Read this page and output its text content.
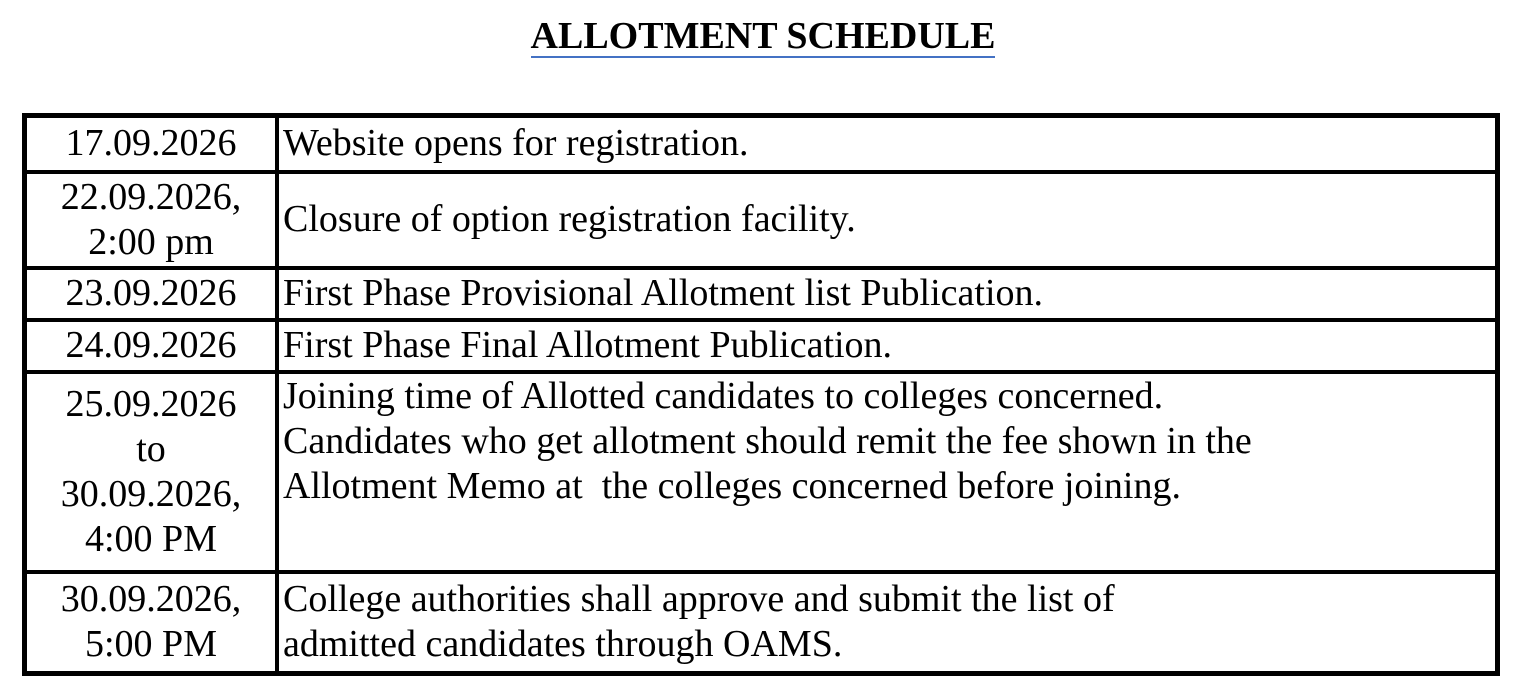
ALLOTMENT SCHEDULE
17.09.2026	Website opens for registration.

22.09.2026,
2:00 pm	Closure of option registration facility.

23.09.2026	First Phase Provisional Allotment list Publication.

24.09.2026	First Phase Final Allotment Publication.

25.09.2026
to
30.09.2026,
4:00 PM	Joining time of Allotted candidates to colleges concerned.
Candidates who get allotment should remit the fee shown in the
Allotment Memo at  the colleges concerned before joining.

30.09.2026,
5:00 PM	College authorities shall approve and submit the list of
admitted candidates through OAMS.
